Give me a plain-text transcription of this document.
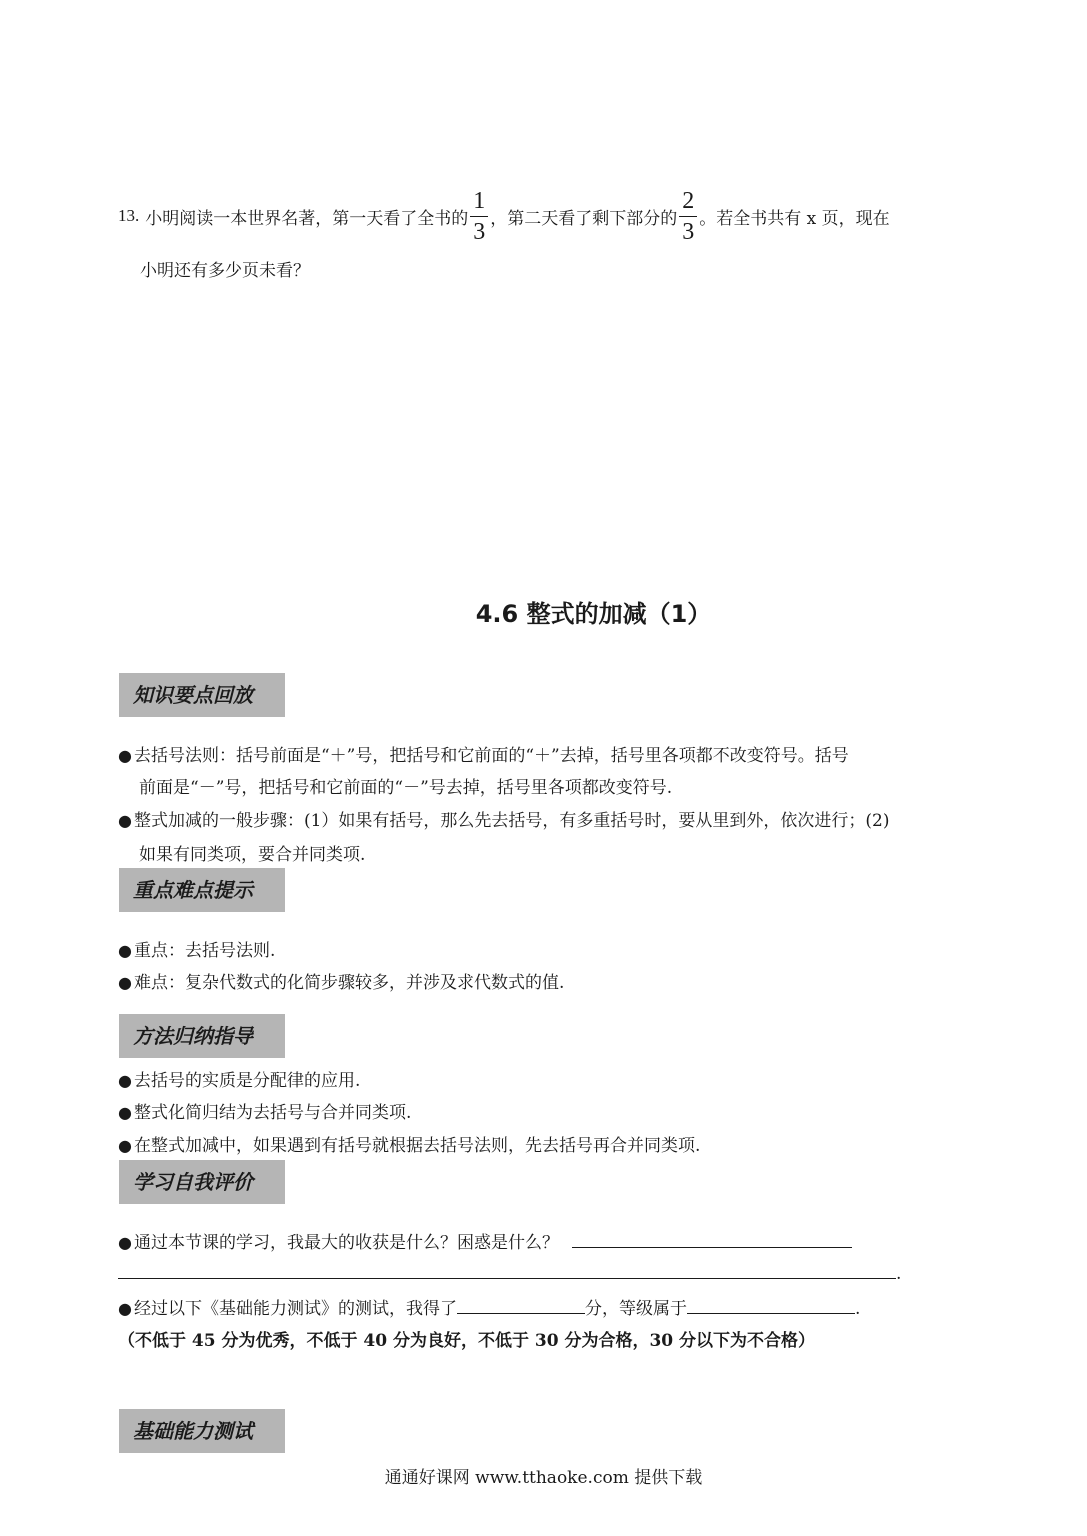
13. 小明阅读一本世界名著，第一天看了全书的 $\frac{1}{3}$ ，第二天看了剩下部分的 $\frac{2}{3}$ 。若全书共有 x 页，现在
小明还有多少页未看？
4.6 整式的加减（1）
知识要点回放
● 去括号法则：括号前面是“＋”号，把括号和它前面的“＋”去掉，括号里各项都不改变符号。括号
前面是“－”号，把括号和它前面的“－”号去掉，括号里各项都改变符号.
● 整式加减的一般步骤：(1）如果有括号，那么先去括号，有多重括号时，要从里到外，依次进行；(2)
如果有同类项，要合并同类项.
重点难点提示
● 重点：去括号法则.
● 难点：复杂代数式的化简步骤较多，并涉及求代数式的值.
方法归纳指导
● 去括号的实质是分配律的应用.
● 整式化简归结为去括号与合并同类项.
● 在整式加减中，如果遇到有括号就根据去括号法则，先去括号再合并同类项.
学习自我评价
● 通过本节课的学习，我最大的收获是什么？困惑是什么？
.
● 经过以下《基础能力测试》的测试，我得了	分，等级属于	.
（不低于 45 分为优秀，不低于 40 分为良好，不低于 30 分为合格，30 分以下为不合格）
基础能力测试
通通好课网 www.tthaoke.com 提供下载
